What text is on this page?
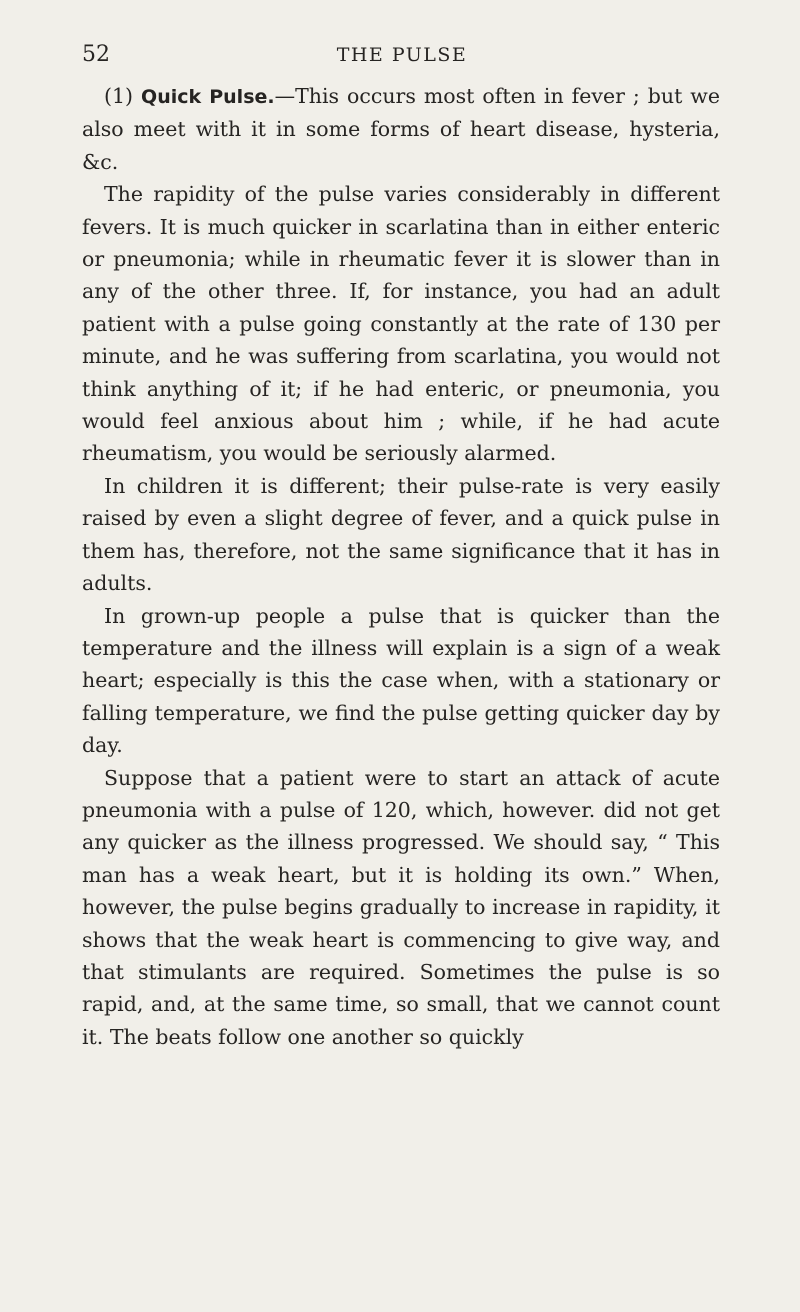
52	THE PULSE

(1) Quick Pulse.—This occurs most often in fever ; but we also meet with it in some forms of heart disease, hysteria, &c.

The rapidity of the pulse varies considerably in different fevers. It is much quicker in scarlatina than in either enteric or pneumonia; while in rheumatic fever it is slower than in any of the other three. If, for instance, you had an adult patient with a pulse going constantly at the rate of 130 per minute, and he was suffering from scarlatina, you would not think anything of it; if he had enteric, or pneumonia, you would feel anxious about him ; while, if he had acute rheumatism, you would be seriously alarmed.

In children it is different; their pulse-rate is very easily raised by even a slight degree of fever, and a quick pulse in them has, therefore, not the same significance that it has in adults.

In grown-up people a pulse that is quicker than the temperature and the illness will explain is a sign of a weak heart; especially is this the case when, with a stationary or falling temperature, we find the pulse getting quicker day by day.

Suppose that a patient were to start an attack of acute pneumonia with a pulse of 120, which, however. did not get any quicker as the illness progressed. We should say, “ This man has a weak heart, but it is holding its own.” When, however, the pulse begins gradually to increase in rapidity, it shows that the weak heart is commencing to give way, and that stimulants are required. Sometimes the pulse is so rapid, and, at the same time, so small, that we cannot count it. The beats follow one another so quickly
